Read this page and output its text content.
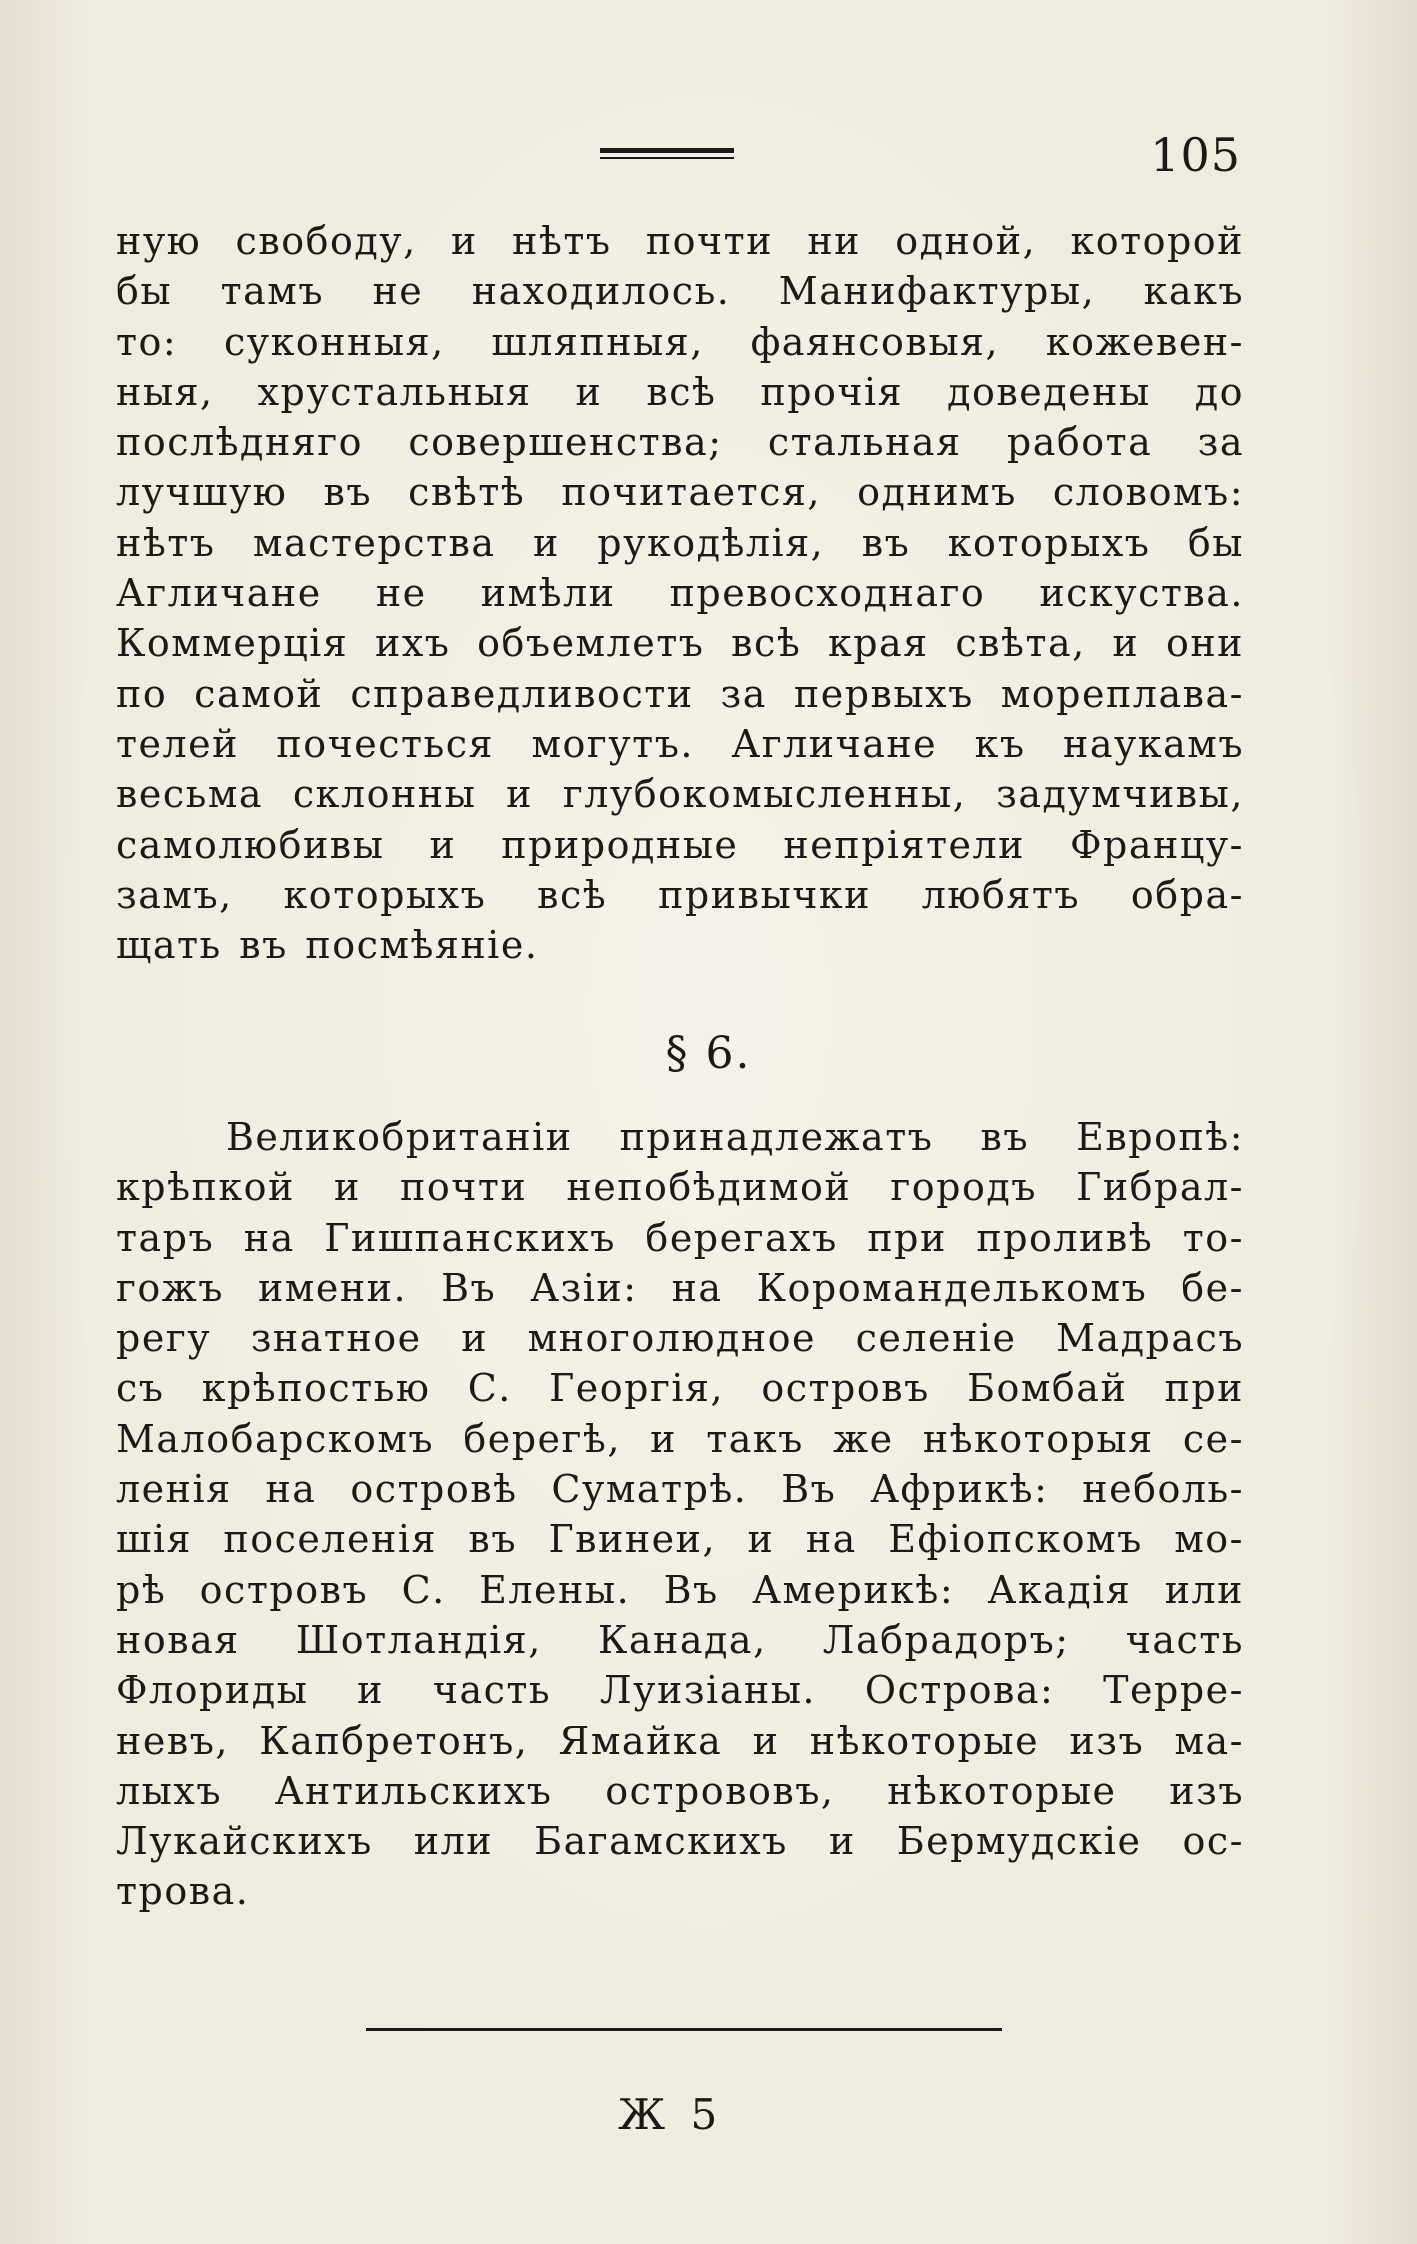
105
ную свободу, и нѣтъ почти ни одной, которой
бы тамъ не находилось. Манифактуры, какъ
то: суконныя, шляпныя, фаянсовыя, кожевен-
ныя, хрустальныя и всѣ прочія доведены до
послѣдняго совершенства; стальная работа за
лучшую въ свѣтѣ почитается, однимъ словомъ:
нѣтъ мастерства и рукодѣлія, въ которыхъ бы
Агличане не имѣли превосходнаго искуства.
Коммерція ихъ объемлетъ всѣ края свѣта, и они
по самой справедливости за первыхъ мореплава-
телей почесться могутъ. Агличане къ наукамъ
весьма склонны и глубокомысленны, задумчивы,
самолюбивы и природные непріятели Францу-
замъ, которыхъ всѣ привычки любятъ обра-
щать въ посмѣяніе.
§ 6.
Великобританіи принадлежатъ въ Европѣ:
крѣпкой и почти непобѣдимой городъ Гибрал-
таръ на Гишпанскихъ берегахъ при проливѣ то-
гожъ имени. Въ Азіи: на Короманделькомъ бе-
регу знатное и многолюдное селеніе Мадрасъ
съ крѣпостью С. Георгія, островъ Бомбай при
Малобарскомъ берегѣ, и такъ же нѣкоторыя се-
ленія на островѣ Суматрѣ. Въ Африкѣ: неболь-
шія поселенія въ Гвинеи, и на Ефіопскомъ мо-
рѣ островъ С. Елены. Въ Америкѣ: Акадія или
новая Шотландія, Канада, Лабрадоръ; часть
Флориды и часть Луизіаны. Острова: Терре-
невъ, Капбретонъ, Ямайка и нѣкоторые изъ ма-
лыхъ Антильскихъ острововъ, нѣкоторые изъ
Лукайскихъ или Багамскихъ и Бермудскіе ос-
трова.
Ж 5
